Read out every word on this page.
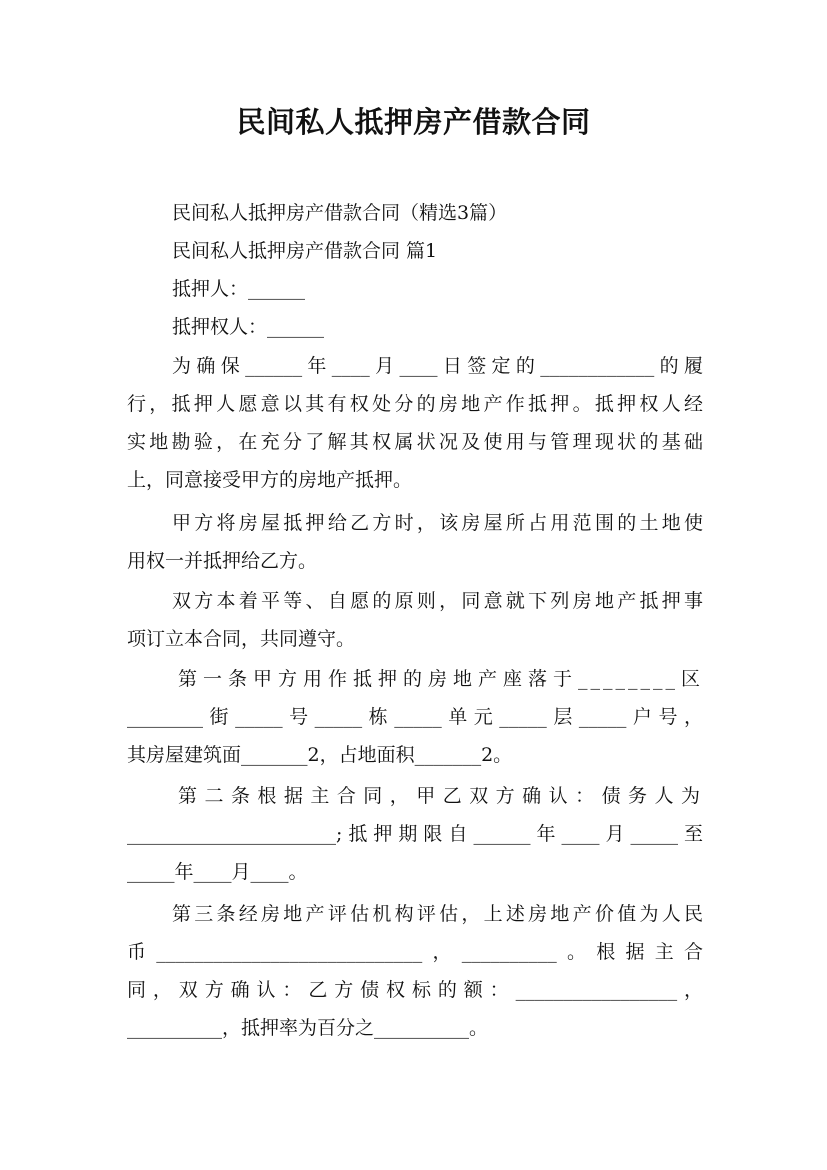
民间私人抵押房产借款合同
民间私人抵押房产借款合同（精选3篇）
民间私人抵押房产借款合同 篇1
抵押人：______
抵押权人：______
为确保______年____月____日签定的____________的履
行，抵押人愿意以其有权处分的房地产作抵押。抵押权人经
实地勘验，在充分了解其权属状况及使用与管理现状的基础
上，同意接受甲方的房地产抵押。
甲方将房屋抵押给乙方时，该房屋所占用范围的土地使
用权一并抵押给乙方。
双方本着平等、自愿的原则，同意就下列房地产抵押事
项订立本合同，共同遵守。
第一条甲方用作抵押的房地产座落于________区
________街_____号_____栋_____单元_____层_____户号，
其房屋建筑面_______2，占地面积_______2。
第二条根据主合同，甲乙双方确认：债务人为
______________________;抵押期限自______年____月_____至
_____年____月____。
第三条经房地产评估机构评估，上述房地产价值为人民
币____________________________，__________。根据主合
同，双方确认：乙方债权标的额：_________________，
__________，抵押率为百分之__________。
